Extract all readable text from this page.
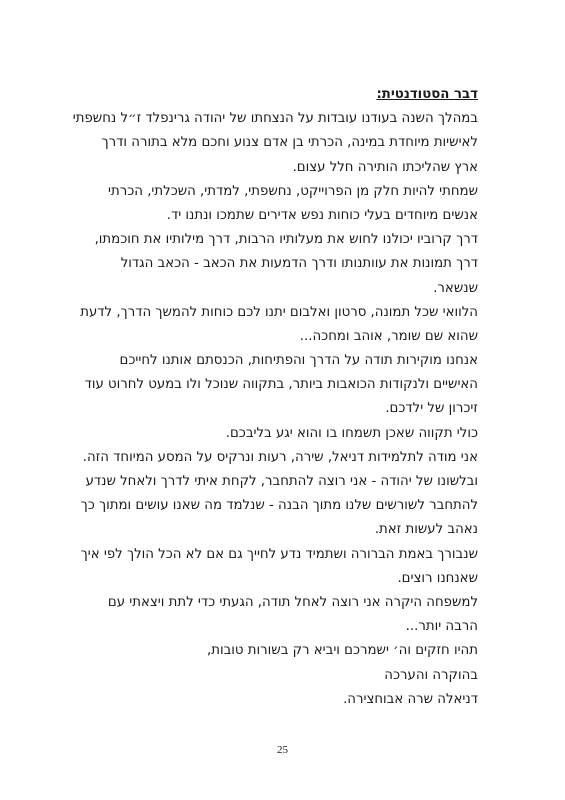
דבר הסטודנטית:
במהלך השנה בעודנו עובדות על הנצחתו של יהודה גרינפלד ז״ל נחשפתי
לאישיות מיוחדת במינה, הכרתי בן אדם צנוע וחכם מלא בתורה ודרך
ארץ שהליכתו הותירה חלל עצום.
שמחתי להיות חלק מן הפרוייקט, נחשפתי, למדתי, השכלתי, הכרתי
אנשים מיוחדים בעלי כוחות נפש אדירים שתמכו ונתנו יד.
דרך קרוביו יכולנו לחוש את מעלותיו הרבות, דרך מילותיו את חוכמתו,
דרך תמונות את עוותנותו ודרך הדמעות את הכאב - הכאב הגדול
שנשאר.
הלוואי שכל תמונה, סרטון ואלבום יתנו לכם כוחות להמשך הדרך, לדעת
שהוא שם שומר, אוהב ומחכה...
אנחנו מוקירות תודה על הדרך והפתיחות, הכנסתם אותנו לחייכם
האישיים ולנקודות הכואבות ביותר, בתקווה שנוכל ולו במעט לחרוט עוד
זיכרון של ילדכם.
כולי תקווה שאכן תשמחו בו והוא יגע בליבכם.
אני מודה לתלמידות דניאל, שירה, רעות ונרקיס על המסע המיוחד הזה.
ובלשונו של יהודה - אני רוצה להתחבר, לקחת איתי לדרך ולאחל שנדע
להתחבר לשורשים שלנו מתוך הבנה - שנלמד מה שאנו עושים ומתוך כך
נאהב לעשות זאת.
שנבורך באמת הברורה ושתמיד נדע לחייך גם אם לא הכל הולך לפי איך
שאנחנו רוצים.
למשפחה היקרה אני רוצה לאחל תודה, הגעתי כדי לתת ויצאתי עם
הרבה יותר...
תהיו חזקים וה׳ ישמרכם ויביא רק בשורות טובות,
בהוקרה והערכה
דניאלה שרה אבוחצירה.
25
